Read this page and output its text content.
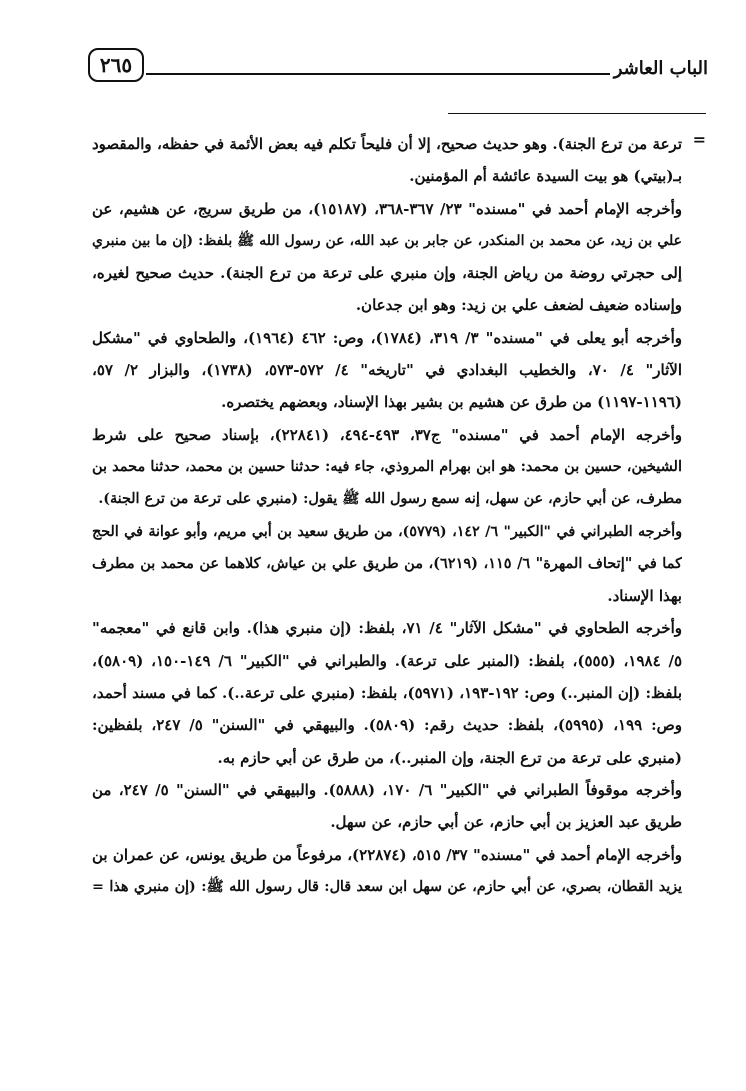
٢٦٥	الباب العاشر
=
ترعة من ترع الجنة). وهو حديث صحيح، إلا أن فليحاً تكلم فيه بعض الأئمة في حفظه، والمقصود
بـ(بيتي) هو بيت السيدة عائشة أم المؤمنين.
وأخرجه الإمام أحمد في "مسنده" ٢٣/ ٣٦٧-٣٦٨، (١٥١٨٧)، من طريق سريج، عن هشيم، عن
علي بن زيد، عن محمد بن المنكدر، عن جابر بن عبد الله، عن رسول الله ﷺ بلفظ: (إن ما بين منبري
إلى حجرتي روضة من رياض الجنة، وإن منبري على ترعة من ترع الجنة). حديث صحيح لغيره،
وإسناده ضعيف لضعف علي بن زيد: وهو ابن جدعان.
وأخرجه أبو يعلى في "مسنده" ٣/ ٣١٩، (١٧٨٤)، وص: ٤٦٢ (١٩٦٤)، والطحاوي في "مشكل
الآثار" ٤/ ٧٠، والخطيب البغدادي في "تاريخه" ٤/ ٥٧٢-٥٧٣، (١٧٣٨)، والبزار ٢/ ٥٧،
(١١٩٦-١١٩٧) من طرق عن هشيم بن بشير بهذا الإسناد، وبعضهم يختصره.
وأخرجه الإمام أحمد في "مسنده" ج٣٧، ٤٩٣-٤٩٤، (٢٢٨٤١)، بإسناد صحيح على شرط
الشيخين، حسين بن محمد: هو ابن بهرام المروذي، جاء فيه: حدثنا حسين بن محمد، حدثنا محمد بن
مطرف، عن أبي حازم، عن سهل، إنه سمع رسول الله ﷺ يقول: (منبري على ترعة من ترع الجنة).
وأخرجه الطبراني في "الكبير" ٦/ ١٤٢، (٥٧٧٩)، من طريق سعيد بن أبي مريم، وأبو عوانة في الحج
كما في "إتحاف المهرة" ٦/ ١١٥، (٦٢١٩)، من طريق علي بن عياش، كلاهما عن محمد بن مطرف
بهذا الإسناد.
وأخرجه الطحاوي في "مشكل الآثار" ٤/ ٧١، بلفظ: (إن منبري هذا). وابن قانع في "معجمه"
٥/ ١٩٨٤، (٥٥٥)، بلفظ: (المنبر على ترعة). والطبراني في "الكبير" ٦/ ١٤٩-١٥٠، (٥٨٠٩)،
بلفظ: (إن المنبر..) وص: ١٩٢-١٩٣، (٥٩٧١)، بلفظ: (منبري على ترعة..). كما في مسند أحمد،
وص: ١٩٩، (٥٩٩٥)، بلفظ: حديث رقم: (٥٨٠٩). والبيهقي في "السنن" ٥/ ٢٤٧، بلفظين:
(منبري على ترعة من ترع الجنة، وإن المنبر..)، من طرق عن أبي حازم به.
وأخرجه موقوفاً الطبراني في "الكبير" ٦/ ١٧٠، (٥٨٨٨). والبيهقي في "السنن" ٥/ ٢٤٧، من
طريق عبد العزيز بن أبي حازم، عن أبي حازم، عن سهل.
وأخرجه الإمام أحمد في "مسنده" ٣٧/ ٥١٥، (٢٢٨٧٤)، مرفوعاً من طريق يونس، عن عمران بن
يزيد القطان، بصري، عن أبي حازم، عن سهل ابن سعد قال: قال رسول الله ﷺ: (إن منبري هذا =
